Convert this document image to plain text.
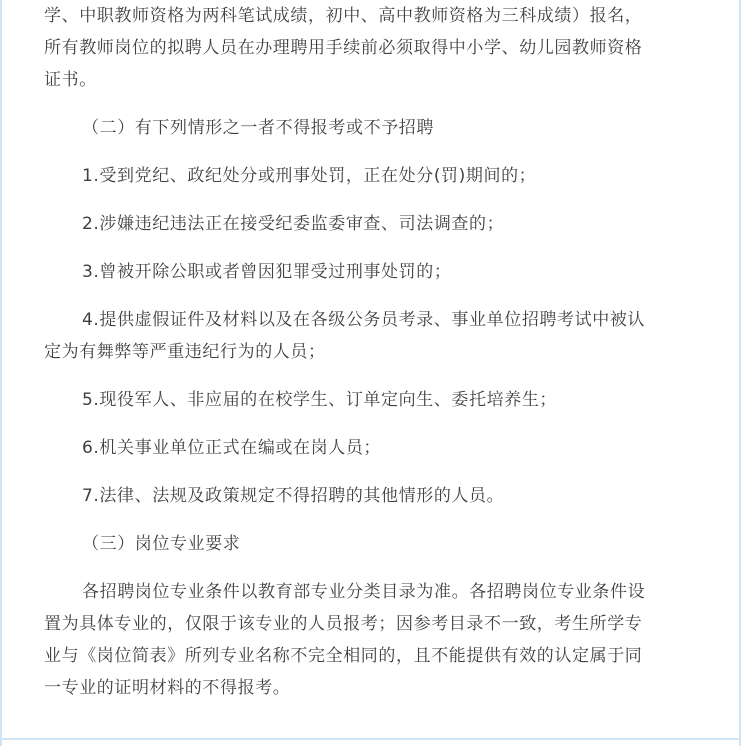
学、中职教师资格为两科笔试成绩，初中、高中教师资格为三科成绩）报名，
所有教师岗位的拟聘人员在办理聘用手续前必须取得中小学、幼儿园教师资格
证书。
（二）有下列情形之一者不得报考或不予招聘
1.受到党纪、政纪处分或刑事处罚，正在处分(罚)期间的；
2.涉嫌违纪违法正在接受纪委监委审查、司法调查的；
3.曾被开除公职或者曾因犯罪受过刑事处罚的；
4.提供虚假证件及材料以及在各级公务员考录、事业单位招聘考试中被认
定为有舞弊等严重违纪行为的人员；
5.现役军人、非应届的在校学生、订单定向生、委托培养生；
6.机关事业单位正式在编或在岗人员；
7.法律、法规及政策规定不得招聘的其他情形的人员。
（三）岗位专业要求
各招聘岗位专业条件以教育部专业分类目录为准。各招聘岗位专业条件设
置为具体专业的，仅限于该专业的人员报考；因参考目录不一致，考生所学专
业与《岗位简表》所列专业名称不完全相同的，且不能提供有效的认定属于同
一专业的证明材料的不得报考。
